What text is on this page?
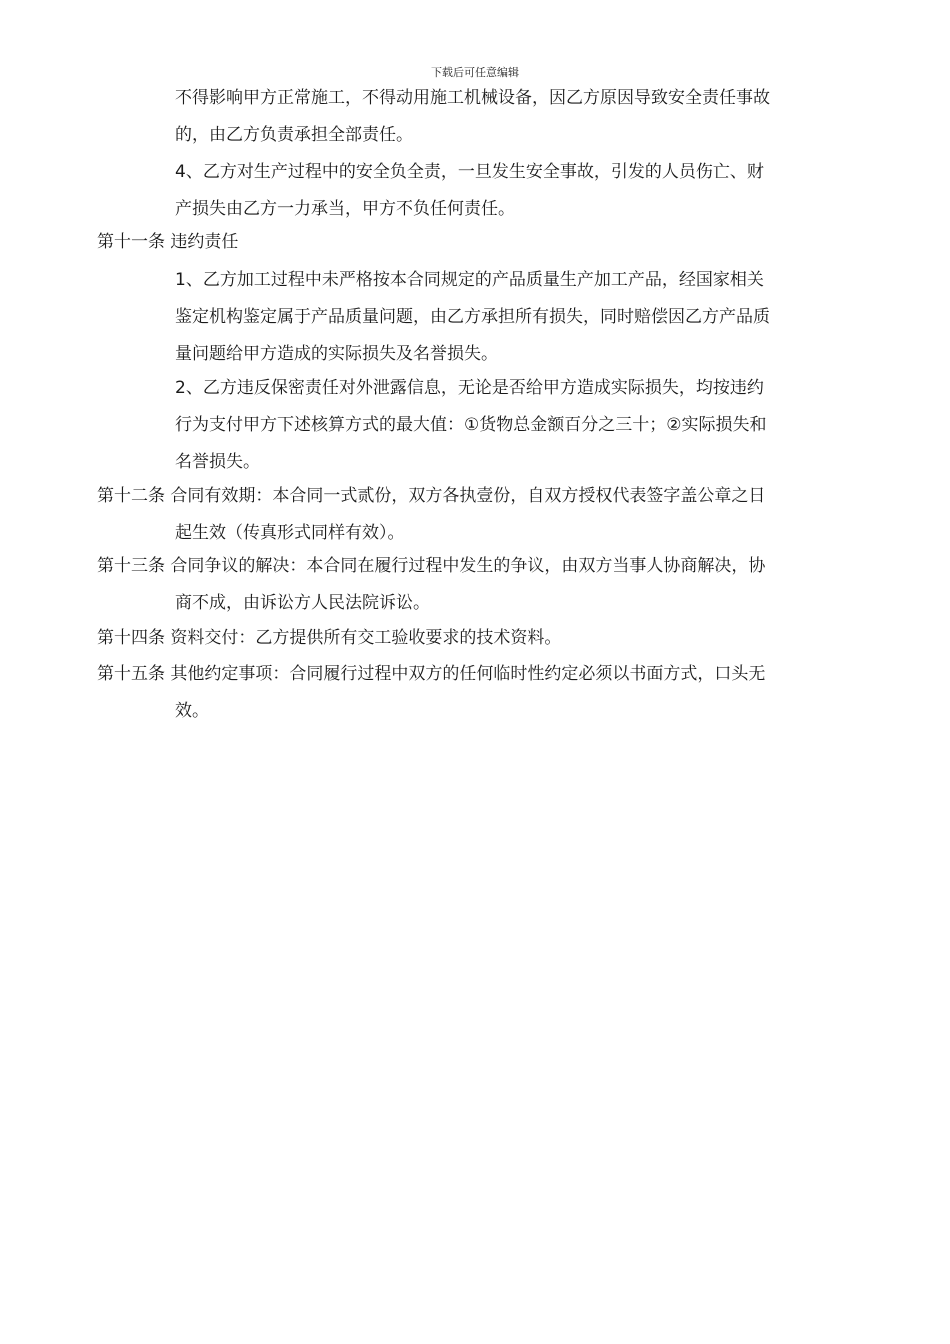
下载后可任意编辑
不得影响甲方正常施工，不得动用施工机械设备，因乙方原因导致安全责任事故
的，由乙方负责承担全部责任。
4、乙方对生产过程中的安全负全责，一旦发生安全事故，引发的人员伤亡、财
产损失由乙方一力承当，甲方不负任何责任。
第十一条 违约责任
1、乙方加工过程中未严格按本合同规定的产品质量生产加工产品，经国家相关
鉴定机构鉴定属于产品质量问题，由乙方承担所有损失，同时赔偿因乙方产品质
量问题给甲方造成的实际损失及名誉损失。
2、乙方违反保密责任对外泄露信息，无论是否给甲方造成实际损失，均按违约
行为支付甲方下述核算方式的最大值：①货物总金额百分之三十；②实际损失和
名誉损失。
第十二条 合同有效期：本合同一式贰份，双方各执壹份，自双方授权代表签字盖公章之日
起生效（传真形式同样有效）。
第十三条 合同争议的解决：本合同在履行过程中发生的争议，由双方当事人协商解决，协
商不成，由诉讼方人民法院诉讼。
第十四条 资料交付：乙方提供所有交工验收要求的技术资料。
第十五条 其他约定事项：合同履行过程中双方的任何临时性约定必须以书面方式，口头无
效。
